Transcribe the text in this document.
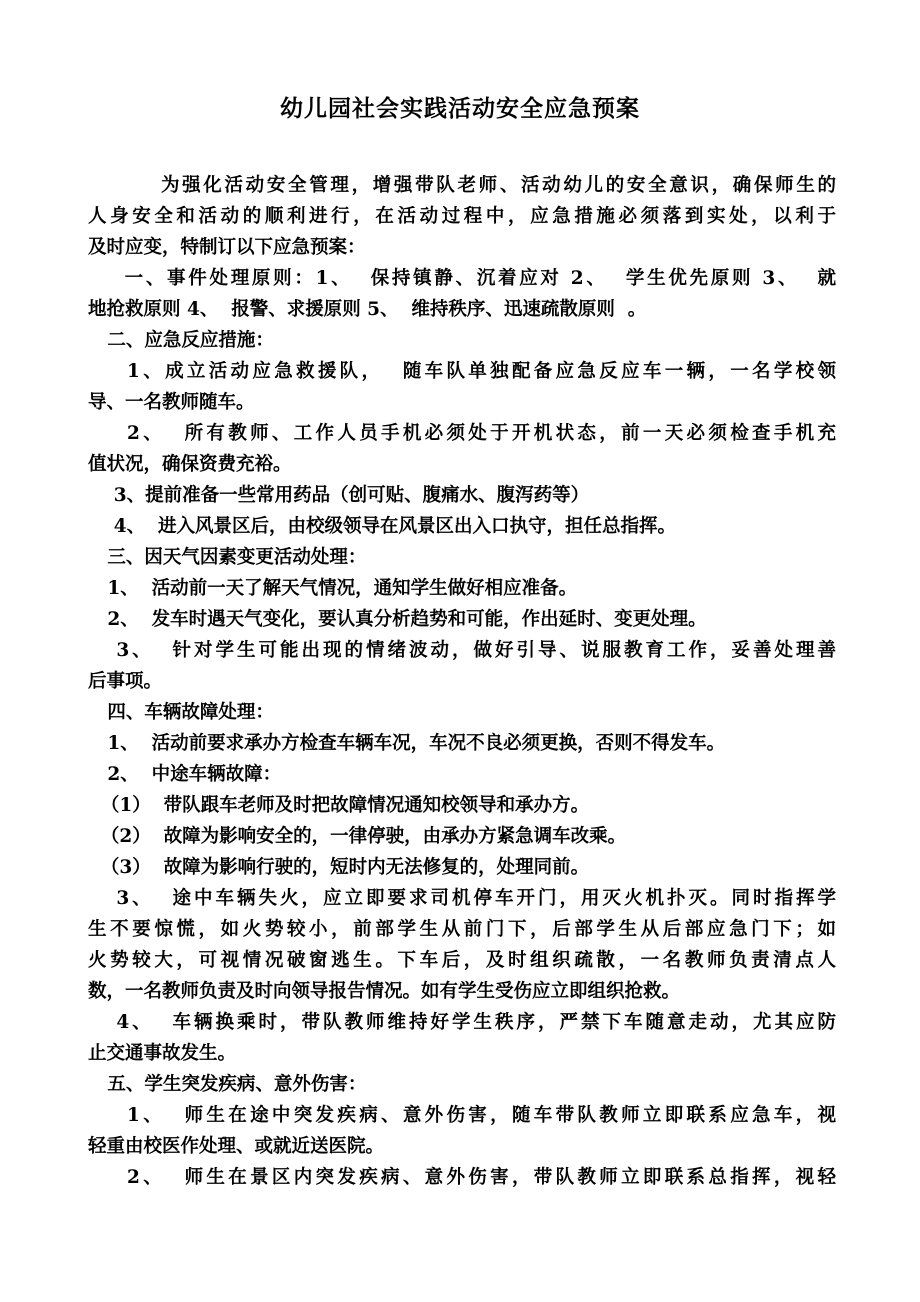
幼儿园社会实践活动安全应急预案
为强化活动安全管理，增强带队老师、活动幼儿的安全意识，确保师生的
人身安全和活动的顺利进行，在活动过程中，应急措施必须落到实处，以利于
及时应变，特制订以下应急预案：
一、事件处理原则：1、  保持镇静、沉着应对 2、  学生优先原则 3、  就
地抢救原则 4、  报警、求援原则 5、  维持秩序、迅速疏散原则  。
二、应急反应措施：
1、成立活动应急救援队，  随车队单独配备应急反应车一辆，一名学校领
导、一名教师随车。
2、  所有教师、工作人员手机必须处于开机状态，前一天必须检查手机充
值状况，确保资费充裕。
3、提前准备一些常用药品（创可贴、腹痛水、腹泻药等）
4、  进入风景区后，由校级领导在风景区出入口执守，担任总指挥。
三、因天气因素变更活动处理：
1、  活动前一天了解天气情况，通知学生做好相应准备。
2、  发车时遇天气变化，要认真分析趋势和可能，作出延时、变更处理。
3、  针对学生可能出现的情绪波动，做好引导、说服教育工作，妥善处理善
后事项。
四、车辆故障处理：
1、  活动前要求承办方检查车辆车况，车况不良必须更换，否则不得发车。
2、  中途车辆故障：
（1）  带队跟车老师及时把故障情况通知校领导和承办方。
（2）  故障为影响安全的，一律停驶，由承办方紧急调车改乘。
（3）  故障为影响行驶的，短时内无法修复的，处理同前。
3、  途中车辆失火，应立即要求司机停车开门，用灭火机扑灭。同时指挥学
生不要惊慌，如火势较小，前部学生从前门下，后部学生从后部应急门下；如
火势较大，可视情况破窗逃生。下车后，及时组织疏散，一名教师负责清点人
数，一名教师负责及时向领导报告情况。如有学生受伤应立即组织抢救。
4、  车辆换乘时，带队教师维持好学生秩序，严禁下车随意走动，尤其应防
止交通事故发生。
五、学生突发疾病、意外伤害：
1、  师生在途中突发疾病、意外伤害，随车带队教师立即联系应急车，视
轻重由校医作处理、或就近送医院。
2、  师生在景区内突发疾病、意外伤害，带队教师立即联系总指挥，视轻
